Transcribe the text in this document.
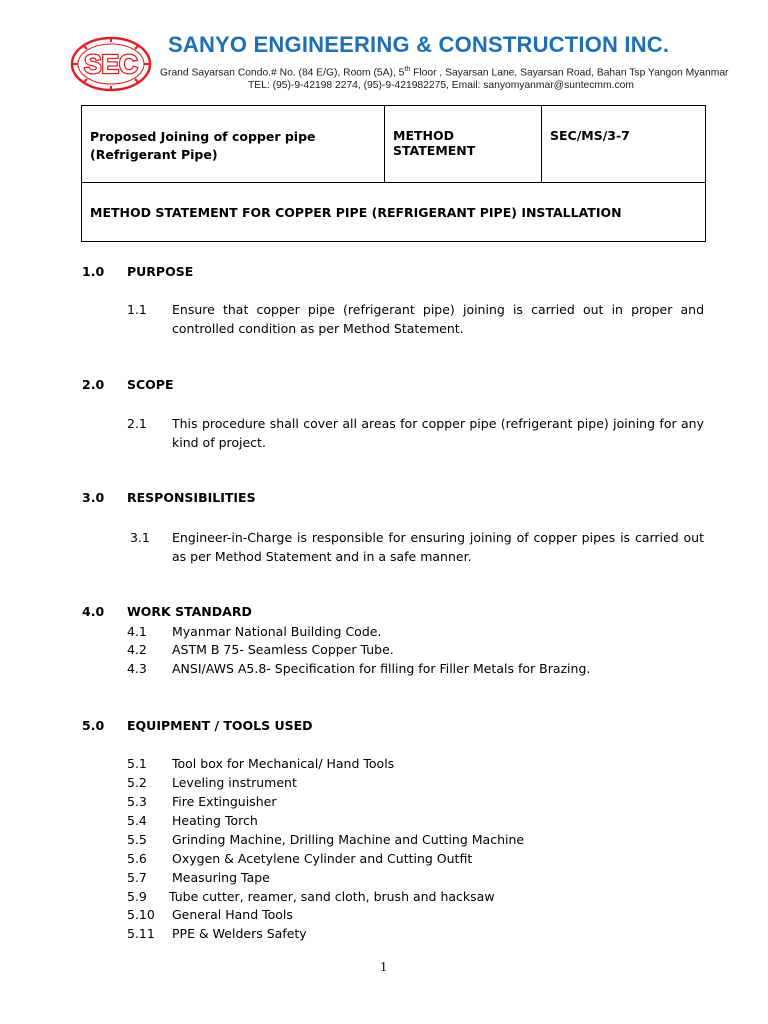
SEC
SANYO ENGINEERING & CONSTRUCTION INC.
Grand Sayarsan Condo.# No. (84 E/G), Room (5A), 5th Floor , Sayarsan Lane, Sayarsan Road, Bahan Tsp Yangon Myanmar
TEL: (95)-9-42198 2274, (95)-9-421982275, Email: sanyomyanmar@suntecmm.com
Proposed Joining of copper pipe (Refrigerant Pipe)	METHOD STATEMENT	SEC/MS/3-7
METHOD STATEMENT FOR COPPER PIPE (REFRIGERANT PIPE) INSTALLATION
1.0 PURPOSE
1.1 Ensure that copper pipe (refrigerant pipe) joining is carried out in proper and controlled condition as per Method Statement.
2.0 SCOPE
2.1 This procedure shall cover all areas for copper pipe (refrigerant pipe) joining for any kind of project.
3.0 RESPONSIBILITIES
3.1 Engineer-in-Charge is responsible for ensuring joining of copper pipes is carried out as per Method Statement and in a safe manner.
4.0 WORK STANDARD
4.1 Myanmar National Building Code.
4.2 ASTM B 75- Seamless Copper Tube.
4.3 ANSI/AWS A5.8- Specification for filling for Filler Metals for Brazing.
5.0 EQUIPMENT / TOOLS USED
5.1 Tool box for Mechanical/ Hand Tools
5.2 Leveling instrument
5.3 Fire Extinguisher
5.4 Heating Torch
5.5 Grinding Machine, Drilling Machine and Cutting Machine
5.6 Oxygen & Acetylene Cylinder and Cutting Outfit
5.7 Measuring Tape
5.9 Tube cutter, reamer, sand cloth, brush and hacksaw
5.10 General Hand Tools
5.11 PPE & Welders Safety
1
